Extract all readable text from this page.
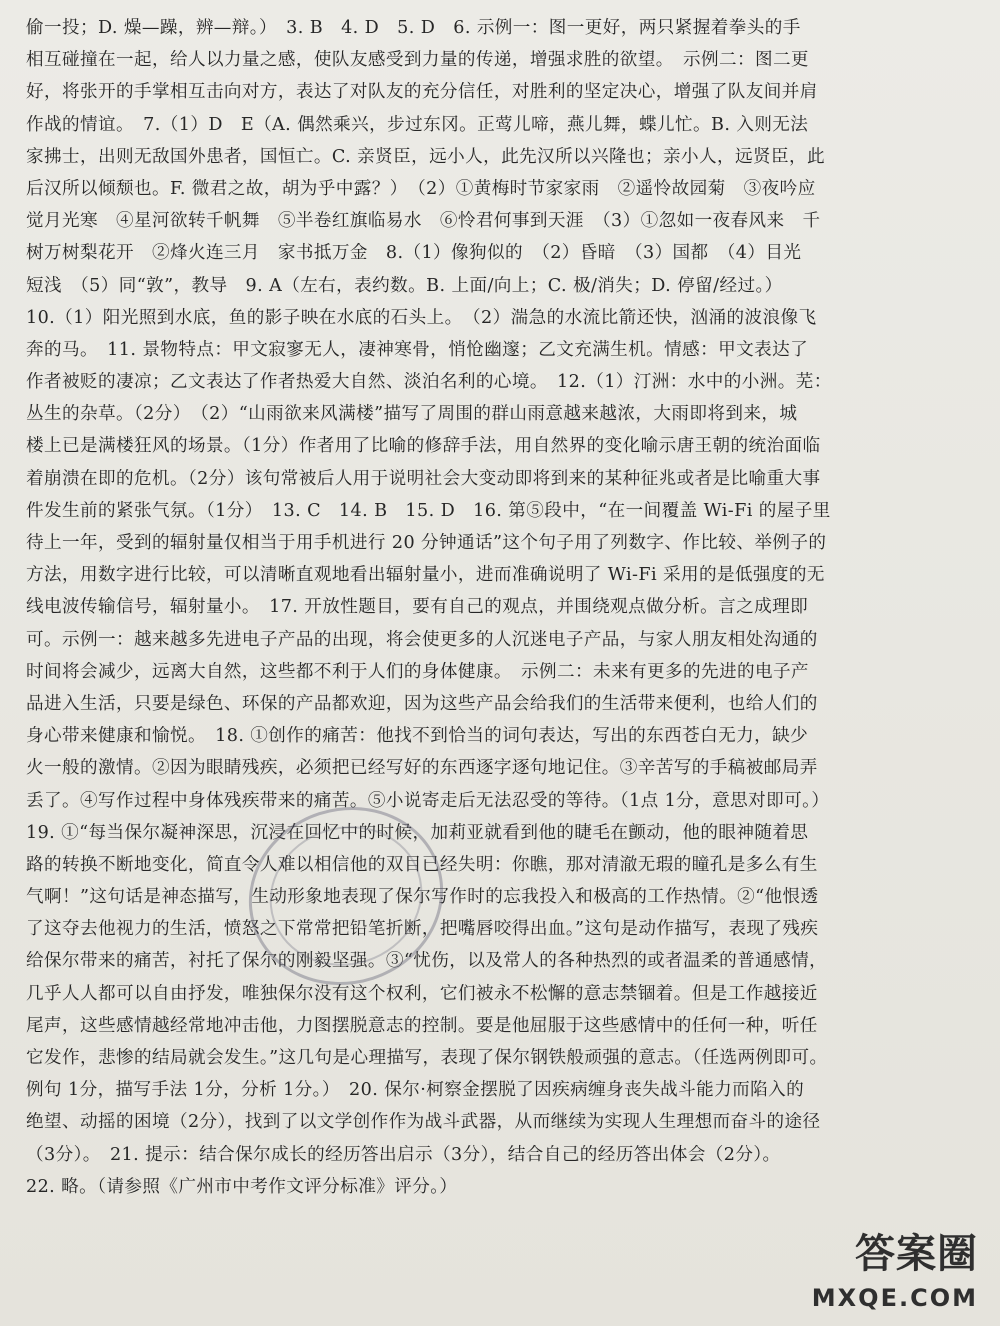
偷一投；D. 燥—躁，辨—辩。）　3. B　4. D　5. D　6. 示例一：图一更好，两只紧握着拳头的手
相互碰撞在一起，给人以力量之感，使队友感受到力量的传递，增强求胜的欲望。　示例二：图二更
好，将张开的手掌相互击向对方，表达了对队友的充分信任，对胜利的坚定决心，增强了队友间并肩
作战的情谊。　7.（1）D　E（A. 偶然乘兴，步过东冈。正莺儿啼，燕儿舞，蝶儿忙。B. 入则无法
家拂士，出则无敌国外患者，国恒亡。C. 亲贤臣，远小人，此先汉所以兴隆也；亲小人，远贤臣，此
后汉所以倾颓也。F. 微君之故，胡为乎中露？）　（2）①黄梅时节家家雨　②遥怜故园菊　③夜吟应
觉月光寒　④星河欲转千帆舞　⑤半卷红旗临易水　⑥怜君何事到天涯　（3）①忽如一夜春风来　千
树万树梨花开　②烽火连三月　家书抵万金　8.（1）像狗似的　（2）昏暗　（3）国都　（4）目光
短浅　（5）同“敦”，教导　9. A（左右，表约数。B. 上面/向上；C. 极/消失；D. 停留/经过。）
10.（1）阳光照到水底，鱼的影子映在水底的石头上。　（2）湍急的水流比箭还快，汹涌的波浪像飞
奔的马。　11. 景物特点：甲文寂寥无人，凄神寒骨，悄怆幽邃；乙文充满生机。情感：甲文表达了
作者被贬的凄凉；乙文表达了作者热爱大自然、淡泊名利的心境。　12.（1）汀洲：水中的小洲。芜：
丛生的杂草。（2分）　（2）“山雨欲来风满楼”描写了周围的群山雨意越来越浓，大雨即将到来，城
楼上已是满楼狂风的场景。（1分）作者用了比喻的修辞手法，用自然界的变化喻示唐王朝的统治面临
着崩溃在即的危机。（2分）该句常被后人用于说明社会大变动即将到来的某种征兆或者是比喻重大事
件发生前的紧张气氛。（1分）　13. C　14. B　15. D　16. 第⑤段中，“在一间覆盖 Wi-Fi 的屋子里
待上一年，受到的辐射量仅相当于用手机进行 20 分钟通话”这个句子用了列数字、作比较、举例子的
方法，用数字进行比较，可以清晰直观地看出辐射量小，进而准确说明了 Wi-Fi 采用的是低强度的无
线电波传输信号，辐射量小。　17. 开放性题目，要有自己的观点，并围绕观点做分析。言之成理即
可。示例一：越来越多先进电子产品的出现，将会使更多的人沉迷电子产品，与家人朋友相处沟通的
时间将会减少，远离大自然，这些都不利于人们的身体健康。　示例二：未来有更多的先进的电子产
品进入生活，只要是绿色、环保的产品都欢迎，因为这些产品会给我们的生活带来便利，也给人们的
身心带来健康和愉悦。　18. ①创作的痛苦：他找不到恰当的词句表达，写出的东西苍白无力，缺少
火一般的激情。②因为眼睛残疾，必须把已经写好的东西逐字逐句地记住。③辛苦写的手稿被邮局弄
丢了。④写作过程中身体残疾带来的痛苦。⑤小说寄走后无法忍受的等待。（1点 1分，意思对即可。）
19. ①“每当保尔凝神深思，沉浸在回忆中的时候，加莉亚就看到他的睫毛在颤动，他的眼神随着思
路的转换不断地变化，简直令人难以相信他的双目已经失明：你瞧，那对清澈无瑕的瞳孔是多么有生
气啊！”这句话是神态描写，生动形象地表现了保尔写作时的忘我投入和极高的工作热情。②“他恨透
了这夺去他视力的生活，愤怒之下常常把铅笔折断，把嘴唇咬得出血。”这句是动作描写，表现了残疾
给保尔带来的痛苦，衬托了保尔的刚毅坚强。③“忧伤，以及常人的各种热烈的或者温柔的普通感情，
几乎人人都可以自由抒发，唯独保尔没有这个权利，它们被永不松懈的意志禁锢着。但是工作越接近
尾声，这些感情越经常地冲击他，力图摆脱意志的控制。要是他屈服于这些感情中的任何一种，听任
它发作，悲惨的结局就会发生。”这几句是心理描写，表现了保尔钢铁般顽强的意志。（任选两例即可。
例句 1分，描写手法 1分，分析 1分。）　20. 保尔·柯察金摆脱了因疾病缠身丧失战斗能力而陷入的
绝望、动摇的困境（2分），找到了以文学创作作为战斗武器，从而继续为实现人生理想而奋斗的途径
（3分）。　21. 提示：结合保尔成长的经历答出启示（3分），结合自己的经历答出体会（2分）。
22. 略。（请参照《广州市中考作文评分标准》评分。）
答案圈
MXQE.COM
